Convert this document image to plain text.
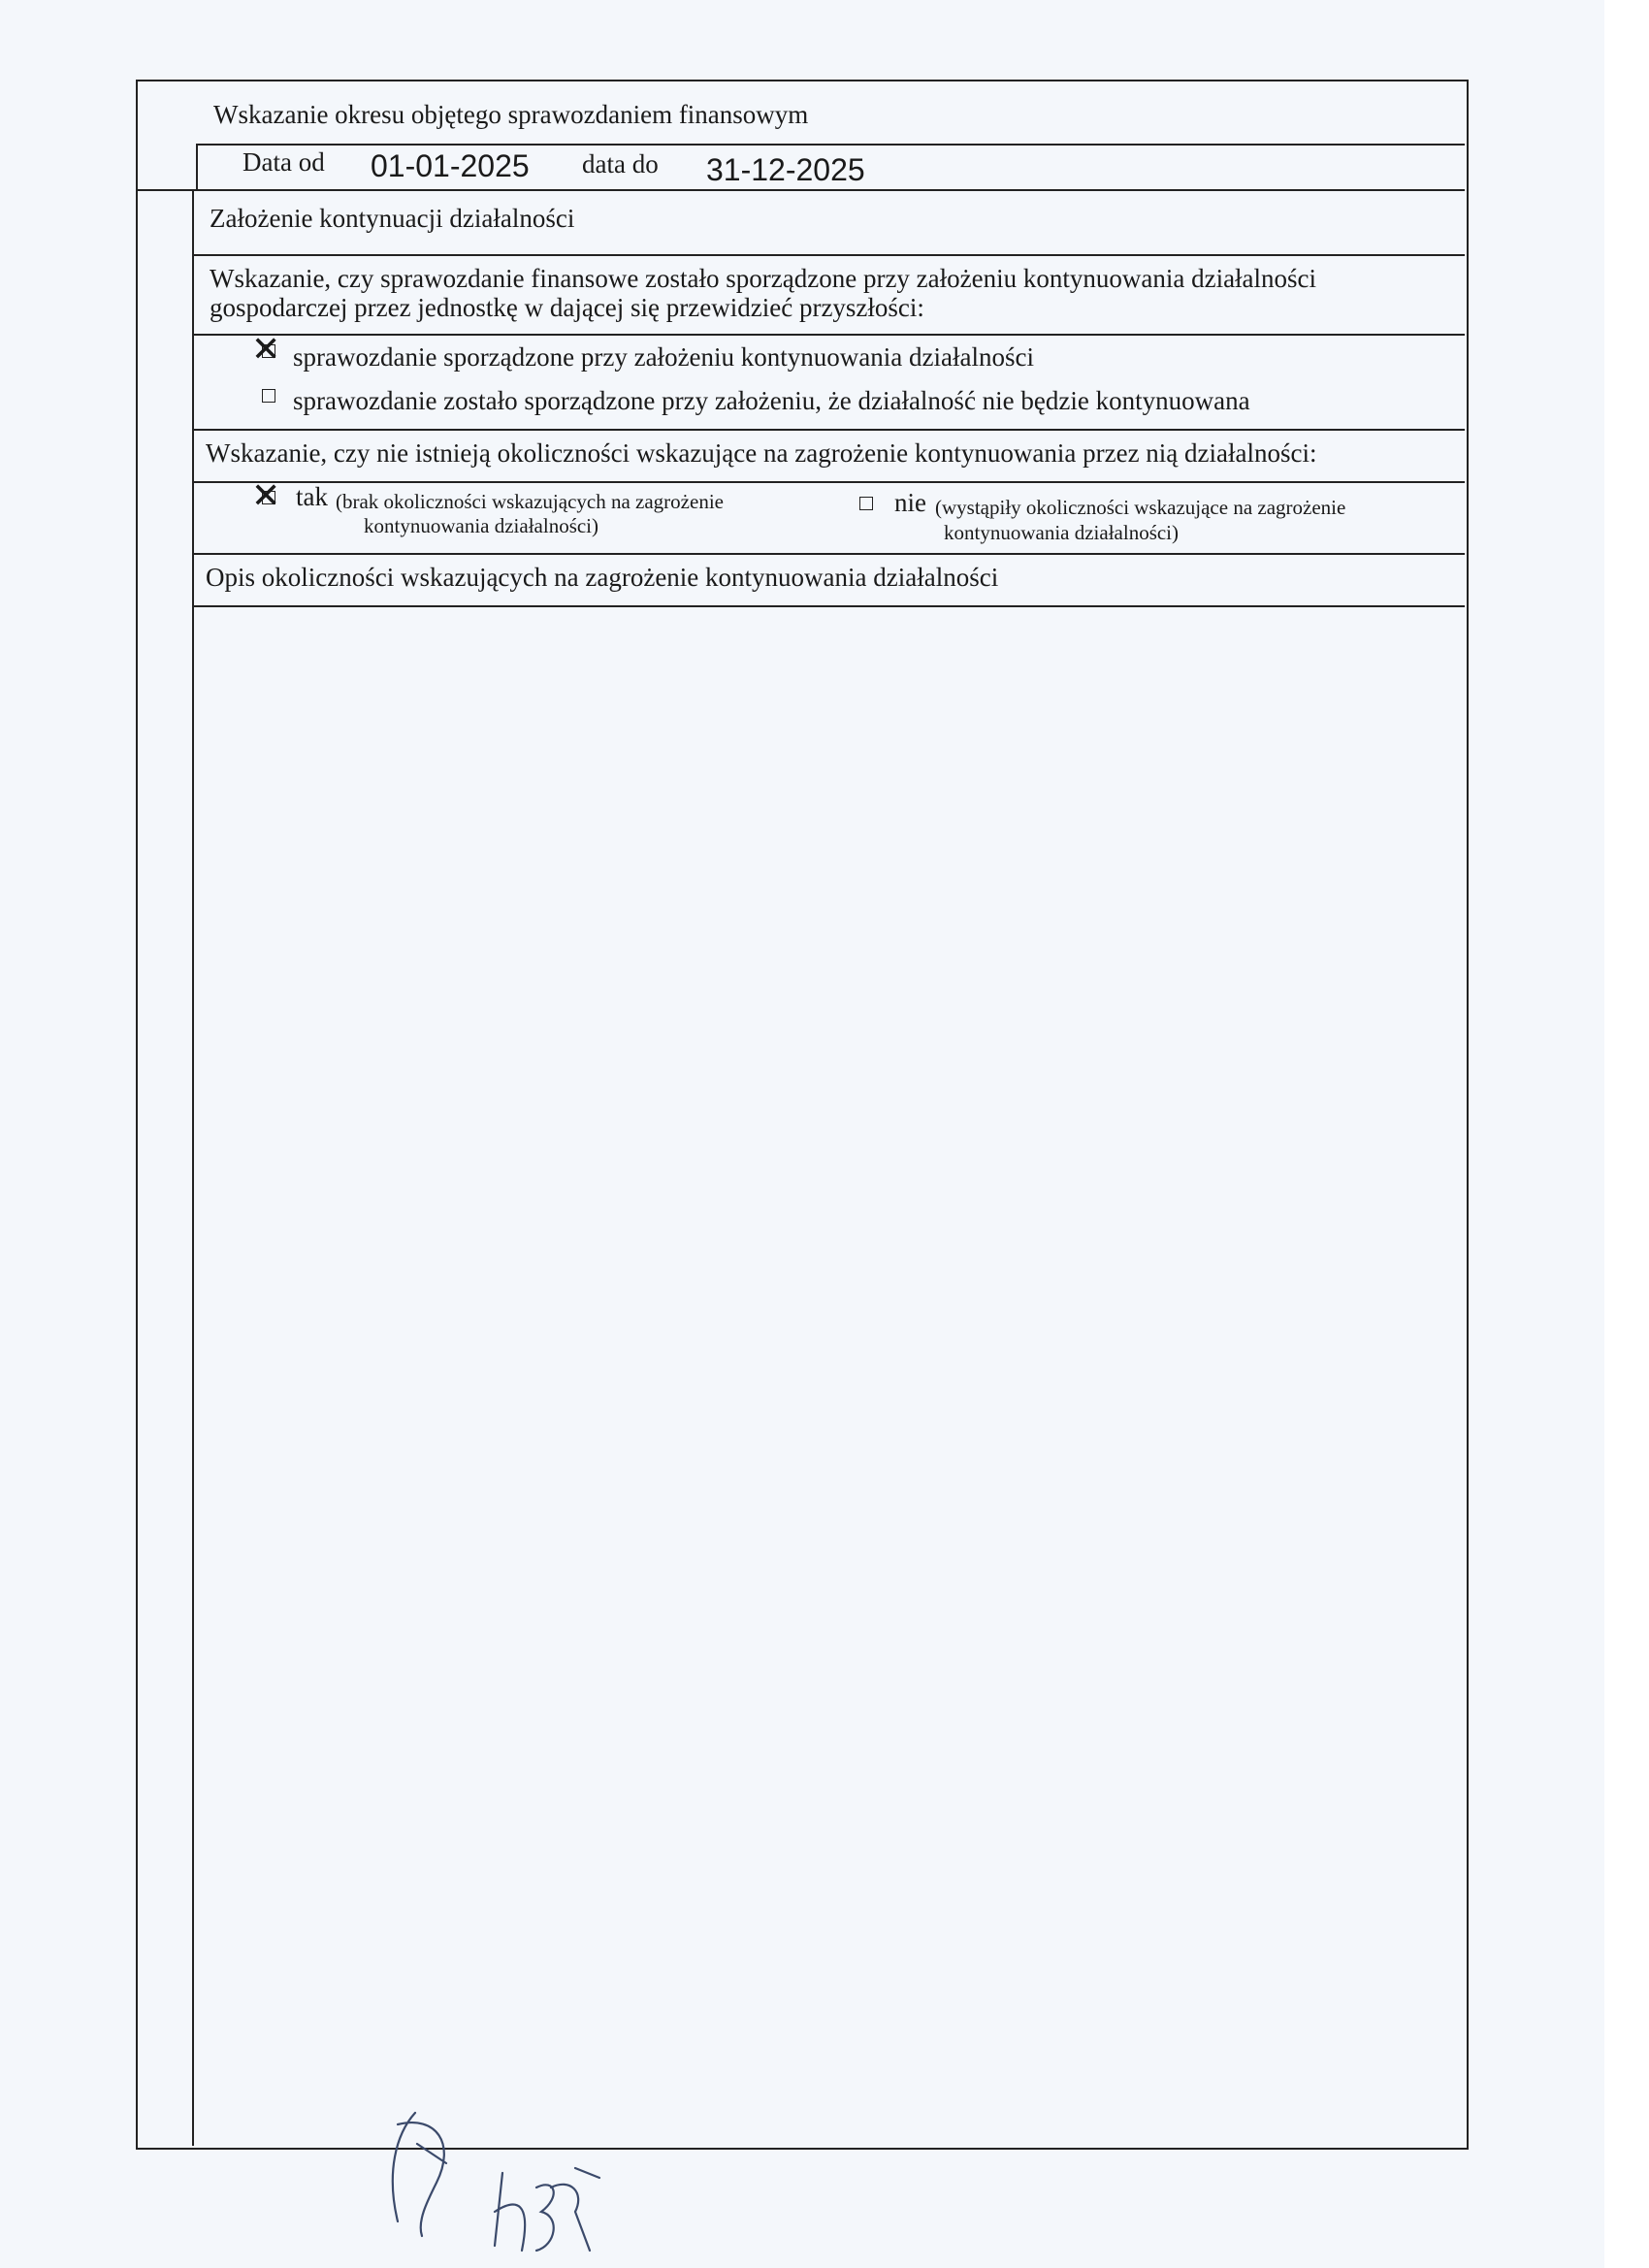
Wskazanie okresu objętego sprawozdaniem finansowym
Data od 01-01-2025 data do 31-12-2025
Założenie kontynuacji działalności
Wskazanie, czy sprawozdanie finansowe zostało sporządzone przy założeniu kontynuowania działalności
gospodarczej przez jednostkę w dającej się przewidzieć przyszłości:
✕ sprawozdanie sporządzone przy założeniu kontynuowania działalności
sprawozdanie zostało sporządzone przy założeniu, że działalność nie będzie kontynuowana
Wskazanie, czy nie istnieją okoliczności wskazujące na zagrożenie kontynuowania przez nią działalności:
✕ tak (brak okoliczności wskazujących na zagrożenie
kontynuowania działalności)
nie (wystąpiły okoliczności wskazujące na zagrożenie
kontynuowania działalności)
Opis okoliczności wskazujących na zagrożenie kontynuowania działalności
